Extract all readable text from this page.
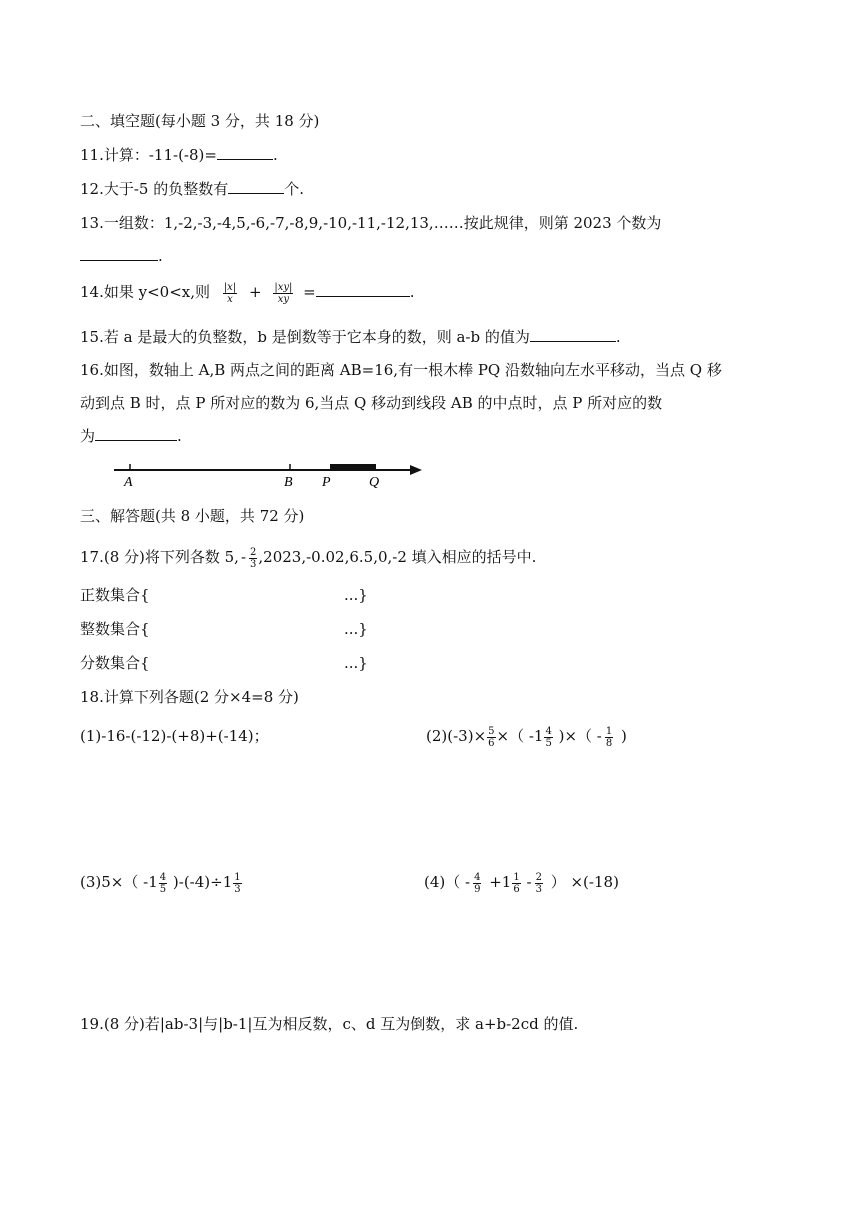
二、填空题(每小题 3 分，共 18 分)
11.计算：-11-(-8)=	.
12.大于-5 的负整数有	个.
13.一组数：1,-2,-3,-4,5,-6,-7,-8,9,-10,-11,-12,13,……按此规律，则第 2023 个数为
.
14.如果 y<0<x,则 $\frac{|x|}{x} + \frac{|xy|}{xy}$ =	.
15.若 a 是最大的负整数，b 是倒数等于它本身的数，则 a-b 的值为	.
16.如图，数轴上 A,B 两点之间的距离 AB=16,有一根木棒 PQ 沿数轴向左水平移动，当点 Q 移
动到点 B 时，点 P 所对应的数为 6,当点 Q 移动到线段 AB 的中点时，点 P 所对应的数
为	.
A	B P	Q
三、解答题(共 8 小题，共 72 分)
17.(8 分)将下列各数 5, - $\frac{2}{3} ,2023,-0.02,6.5,0,-2$ 填入相应的括号中.
正数集合{	...}
整数集合{	...}
分数集合{	...}
18.计算下列各题(2 分×4=8 分)
(1)-16-(-12)-(+8)+(-14)；	$(2)(-3)\times \frac{5}{6}$ ×（ $-1 \frac{4}{5}$ )×（ - $\frac{1}{8}$ )
(3)5×（ $-1 \frac{4}{5} )-(-4)\div 1 \frac{1}{3}$	$(4)( - \frac{4}{9} +1 \frac{1}{6} - \frac{2}{3}$ ） ×(-18)
19.(8 分)若|ab-3|与|b-1|互为相反数，c、d 互为倒数，求 a+b-2cd 的值.
